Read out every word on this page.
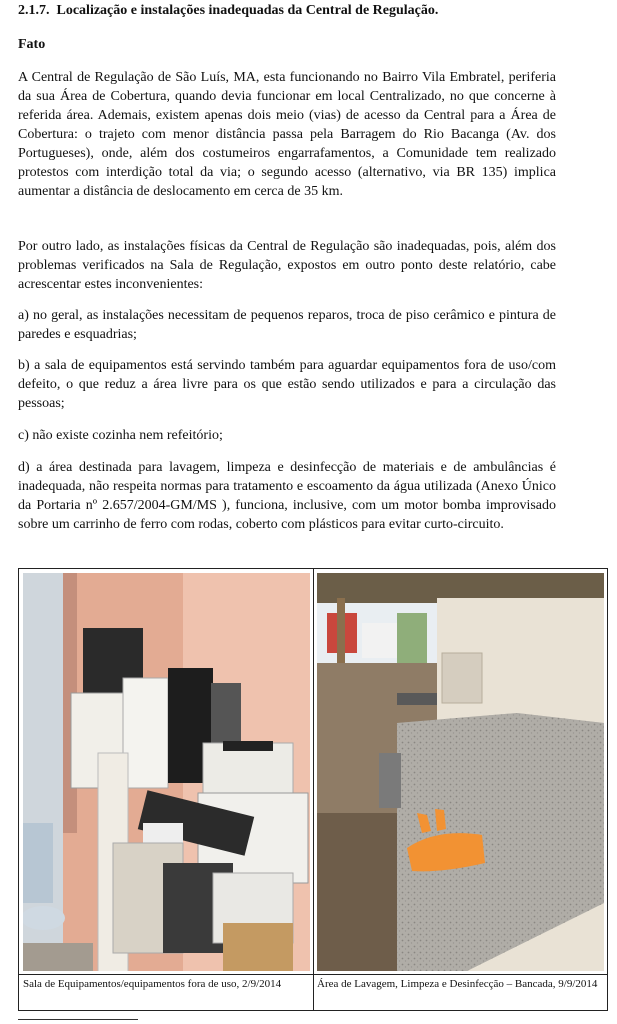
2.1.7. Localização e instalações inadequadas da Central de Regulação.
Fato

A Central de Regulação de São Luís, MA, esta funcionando no Bairro Vila Embratel, periferia da sua Área de Cobertura, quando devia funcionar em local Centralizado, no que concerne à referida área. Ademais, existem apenas dois meio (vias) de acesso da Central para a Área de Cobertura: o trajeto com menor distância passa pela Barragem do Rio Bacanga (Av. dos Portugueses), onde, além dos costumeiros engarrafamentos, a Comunidade tem realizado protestos com interdição total da via; o segundo acesso (alternativo, via BR 135) implica aumentar a distância de deslocamento em cerca de 35 km.

Por outro lado, as instalações físicas da Central de Regulação são inadequadas, pois, além dos problemas verificados na Sala de Regulação, expostos em outro ponto deste relatório, cabe acrescentar estes inconvenientes:

a) no geral, as instalações necessitam de pequenos reparos, troca de piso cerâmico e pintura de paredes e esquadrias;

b) a sala de equipamentos está servindo também para aguardar equipamentos fora de uso/com defeito, o que reduz a área livre para os que estão sendo utilizados e para a circulação das pessoas;

c) não existe cozinha nem refeitório;

d) a área destinada para lavagem, limpeza e desinfecção de materiais e de ambulâncias é inadequada, não respeita normas para tratamento e escoamento da água utilizada (Anexo Único da Portaria nº 2.657/2004-GM/MS ), funciona, inclusive, com um motor bomba improvisado sobre um carrinho de ferro com rodas, coberto com plásticos para evitar curto-circuito.

Sala de Equipamentos/equipamentos fora de uso, 2/9/2014	Área de Lavagem, Limpeza e Desinfecção – Bancada, 9/9/2014
